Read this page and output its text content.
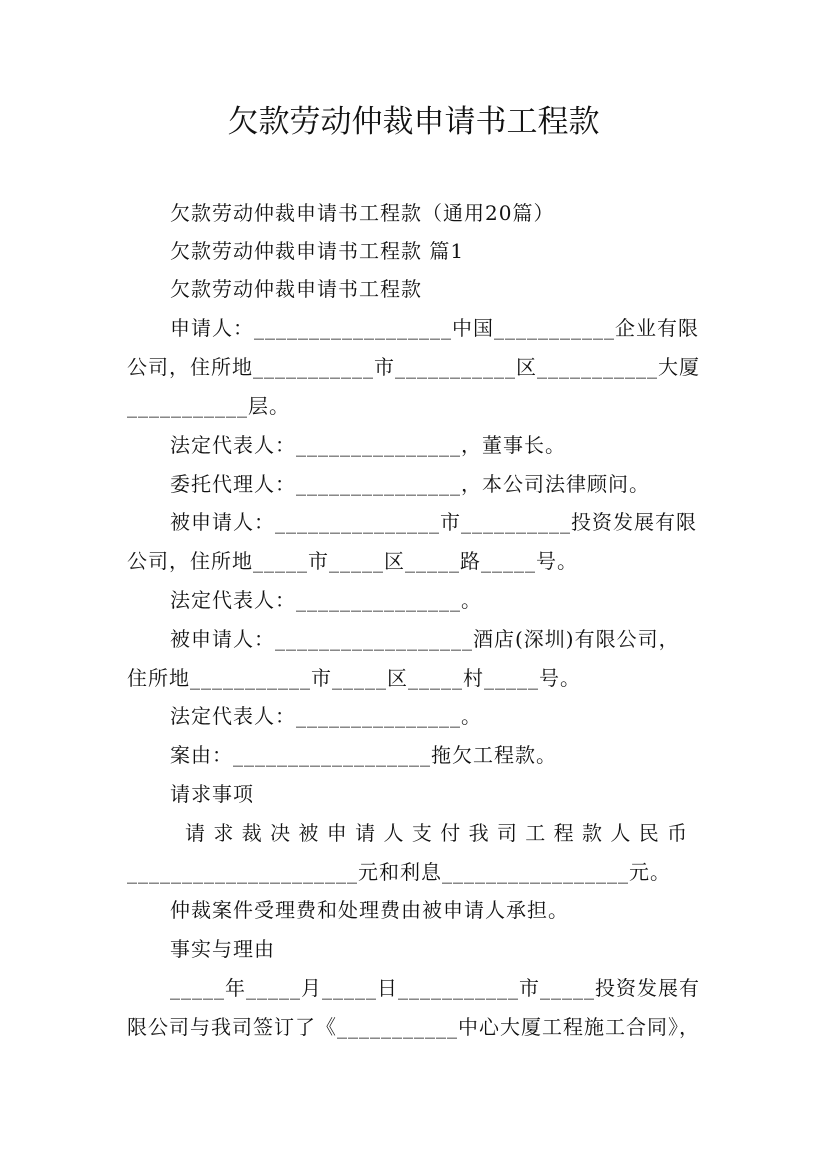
欠款劳动仲裁申请书工程款
欠款劳动仲裁申请书工程款（通用20篇）
欠款劳动仲裁申请书工程款 篇1
欠款劳动仲裁申请书工程款
申请人：__________________中国___________企业有限
公司，住所地___________市___________区___________大厦
___________层。
法定代表人：_______________，董事长。
委托代理人：_______________，本公司法律顾问。
被申请人：_______________市__________投资发展有限
公司，住所地_____市_____区_____路_____号。
法定代表人：_______________。
被申请人：__________________酒店(深圳)有限公司，
住所地___________市_____区_____村_____号。
法定代表人：_______________。
案由：__________________拖欠工程款。
请求事项
请 求 裁 决 被 申 请 人 支 付 我 司 工 程 款 人 民 币
_____________________元和利息_________________元。
仲裁案件受理费和处理费由被申请人承担。
事实与理由
_____年_____月_____日___________市_____投资发展有
限公司与我司签订了《___________中心大厦工程施工合同》，
